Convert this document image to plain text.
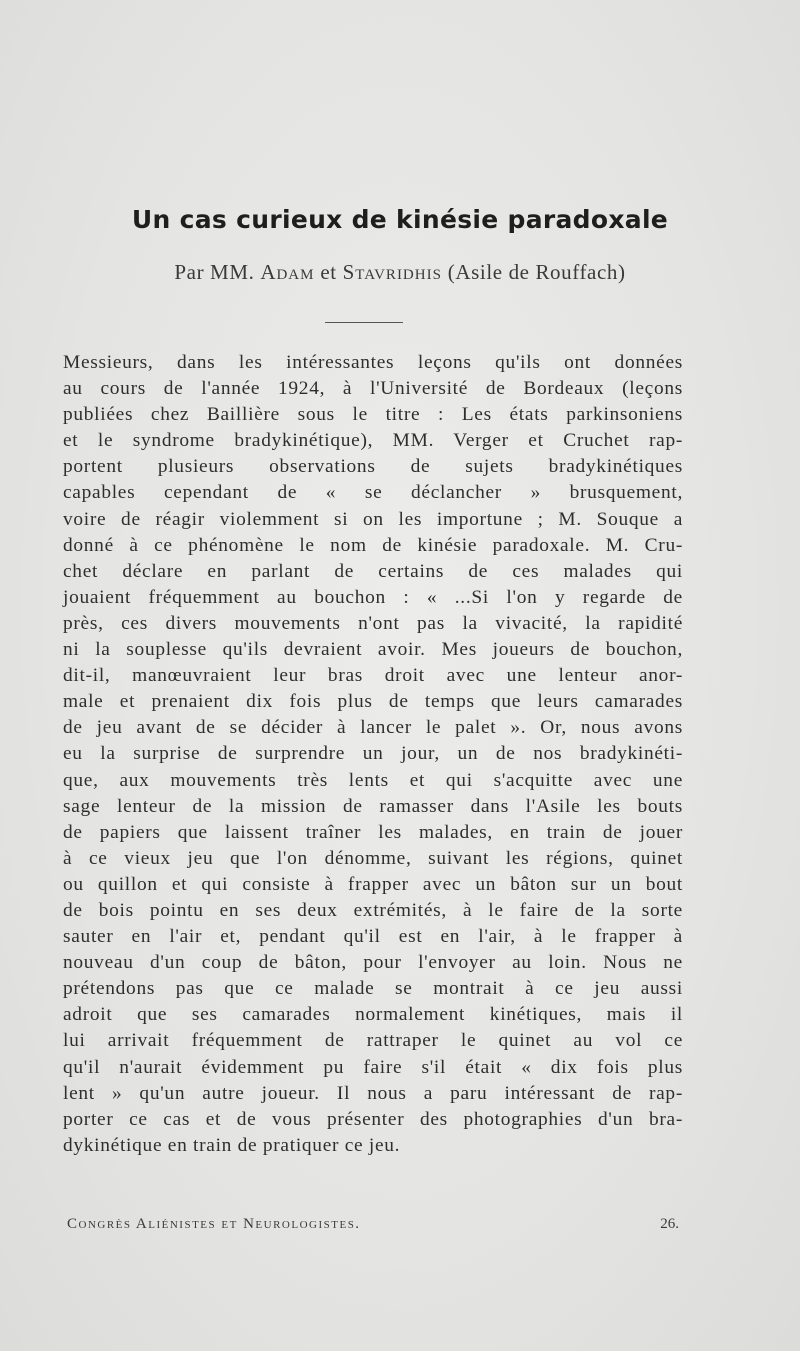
Un cas curieux de kinésie paradoxale
Par MM. Adam et Stavridhis (Asile de Rouffach)
Messieurs, dans les intéressantes leçons qu'ils ont données
au cours de l'année 1924, à l'Université de Bordeaux (leçons
publiées chez Baillière sous le titre : Les états parkinsoniens
et le syndrome bradykinétique), MM. Verger et Cruchet rap-
portent plusieurs observations de sujets bradykinétiques
capables cependant de « se déclancher » brusquement,
voire de réagir violemment si on les importune ; M. Souque a
donné à ce phénomène le nom de kinésie paradoxale. M. Cru-
chet déclare en parlant de certains de ces malades qui
jouaient fréquemment au bouchon : « ...Si l'on y regarde de
près, ces divers mouvements n'ont pas la vivacité, la rapidité
ni la souplesse qu'ils devraient avoir. Mes joueurs de bouchon,
dit-il, manœuvraient leur bras droit avec une lenteur anor-
male et prenaient dix fois plus de temps que leurs camarades
de jeu avant de se décider à lancer le palet ». Or, nous avons
eu la surprise de surprendre un jour, un de nos bradykinéti-
que, aux mouvements très lents et qui s'acquitte avec une
sage lenteur de la mission de ramasser dans l'Asile les bouts
de papiers que laissent traîner les malades, en train de jouer
à ce vieux jeu que l'on dénomme, suivant les régions, quinet
ou quillon et qui consiste à frapper avec un bâton sur un bout
de bois pointu en ses deux extrémités, à le faire de la sorte
sauter en l'air et, pendant qu'il est en l'air, à le frapper à
nouveau d'un coup de bâton, pour l'envoyer au loin. Nous ne
prétendons pas que ce malade se montrait à ce jeu aussi
adroit que ses camarades normalement kinétiques, mais il
lui arrivait fréquemment de rattraper le quinet au vol ce
qu'il n'aurait évidemment pu faire s'il était « dix fois plus
lent » qu'un autre joueur. Il nous a paru intéressant de rap-
porter ce cas et de vous présenter des photographies d'un bra-
dykinétique en train de pratiquer ce jeu.
Congrès Aliénistes et Neurologistes.	26.
